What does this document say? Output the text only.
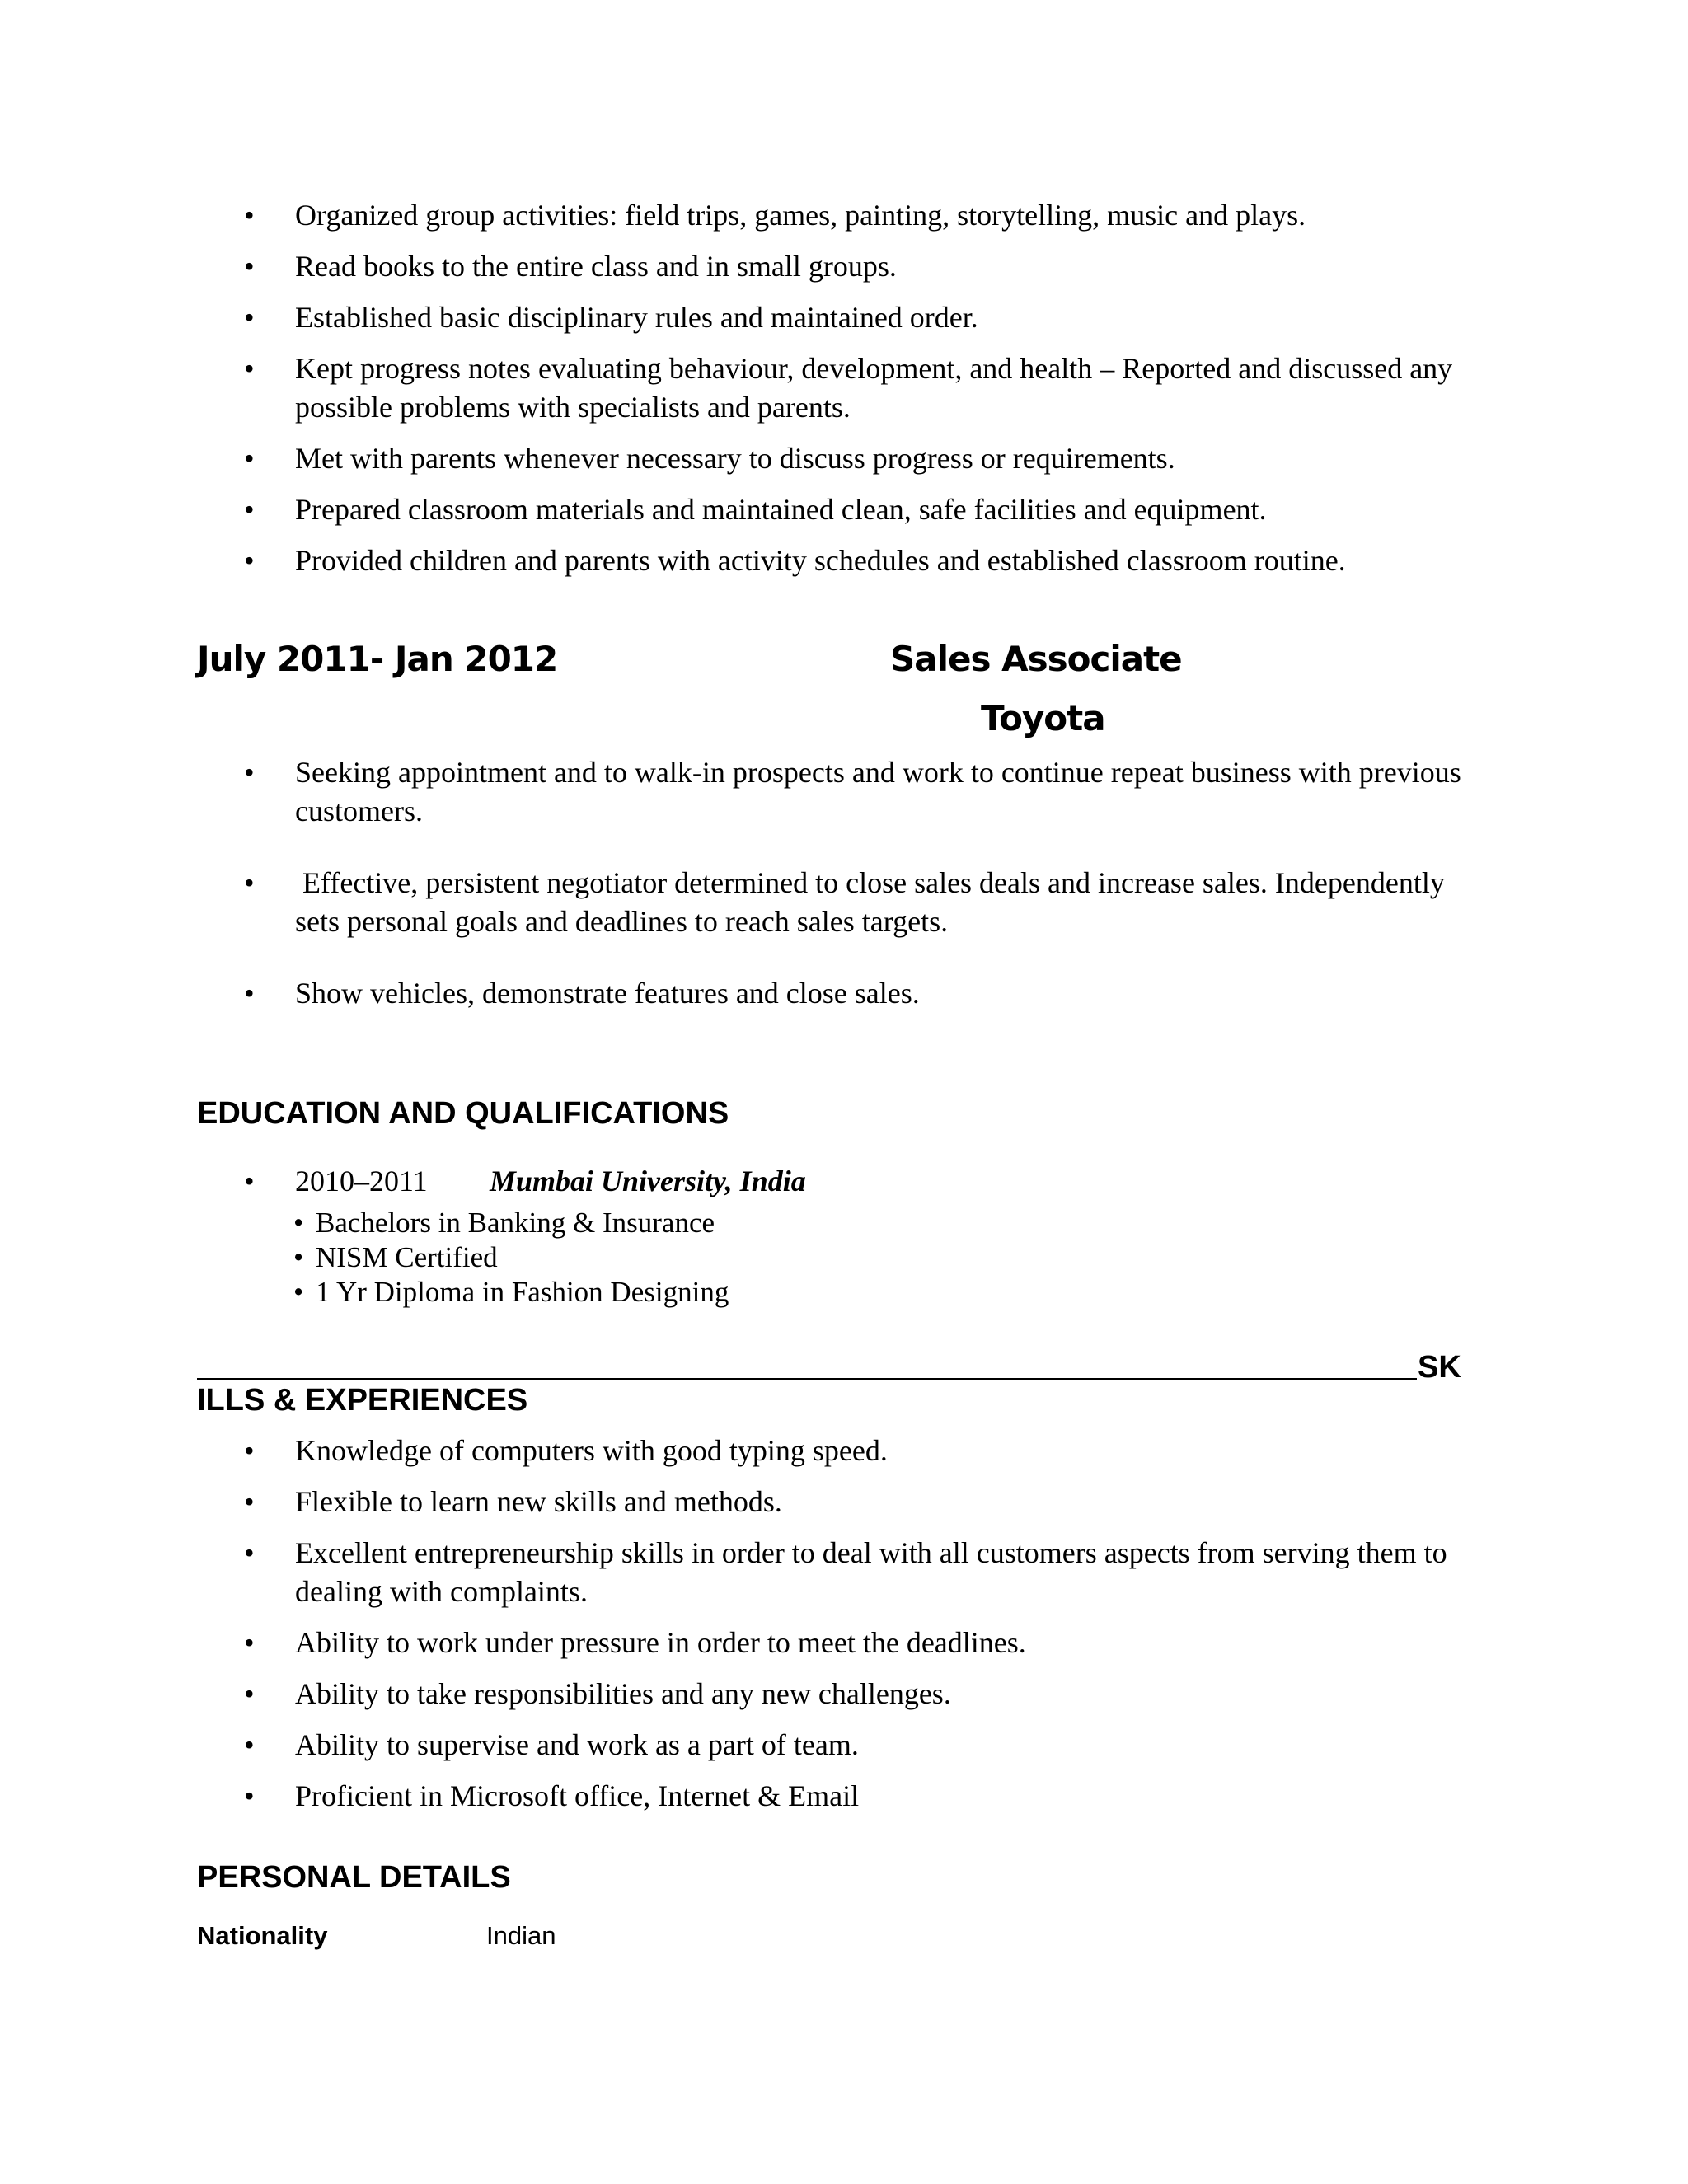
• Organized group activities: field trips, games, painting, storytelling, music and plays.
• Read books to the entire class and in small groups.
• Established basic disciplinary rules and maintained order.
• Kept progress notes evaluating behaviour, development, and health – Reported and discussed any possible problems with specialists and parents.
• Met with parents whenever necessary to discuss progress or requirements.
• Prepared classroom materials and maintained clean, safe facilities and equipment.
• Provided children and parents with activity schedules and established classroom routine.
July 2011- Jan 2012	Sales Associate
Toyota
• Seeking appointment and to walk-in prospects and work to continue repeat business with previous customers.
• Effective, persistent negotiator determined to close sales deals and increase sales. Independently sets personal goals and deadlines to reach sales targets.
• Show vehicles, demonstrate features and close sales.
EDUCATION AND QUALIFICATIONS
• 2010–2011 Mumbai University, India
• Bachelors in Banking & Insurance
• NISM Certified
• 1 Yr Diploma in Fashion Designing
SK
ILLS & EXPERIENCES
• Knowledge of computers with good typing speed.
• Flexible to learn new skills and methods.
• Excellent entrepreneurship skills in order to deal with all customers aspects from serving them to dealing with complaints.
• Ability to work under pressure in order to meet the deadlines.
• Ability to take responsibilities and any new challenges.
• Ability to supervise and work as a part of team.
• Proficient in Microsoft office, Internet & Email
PERSONAL DETAILS
Nationality	Indian
